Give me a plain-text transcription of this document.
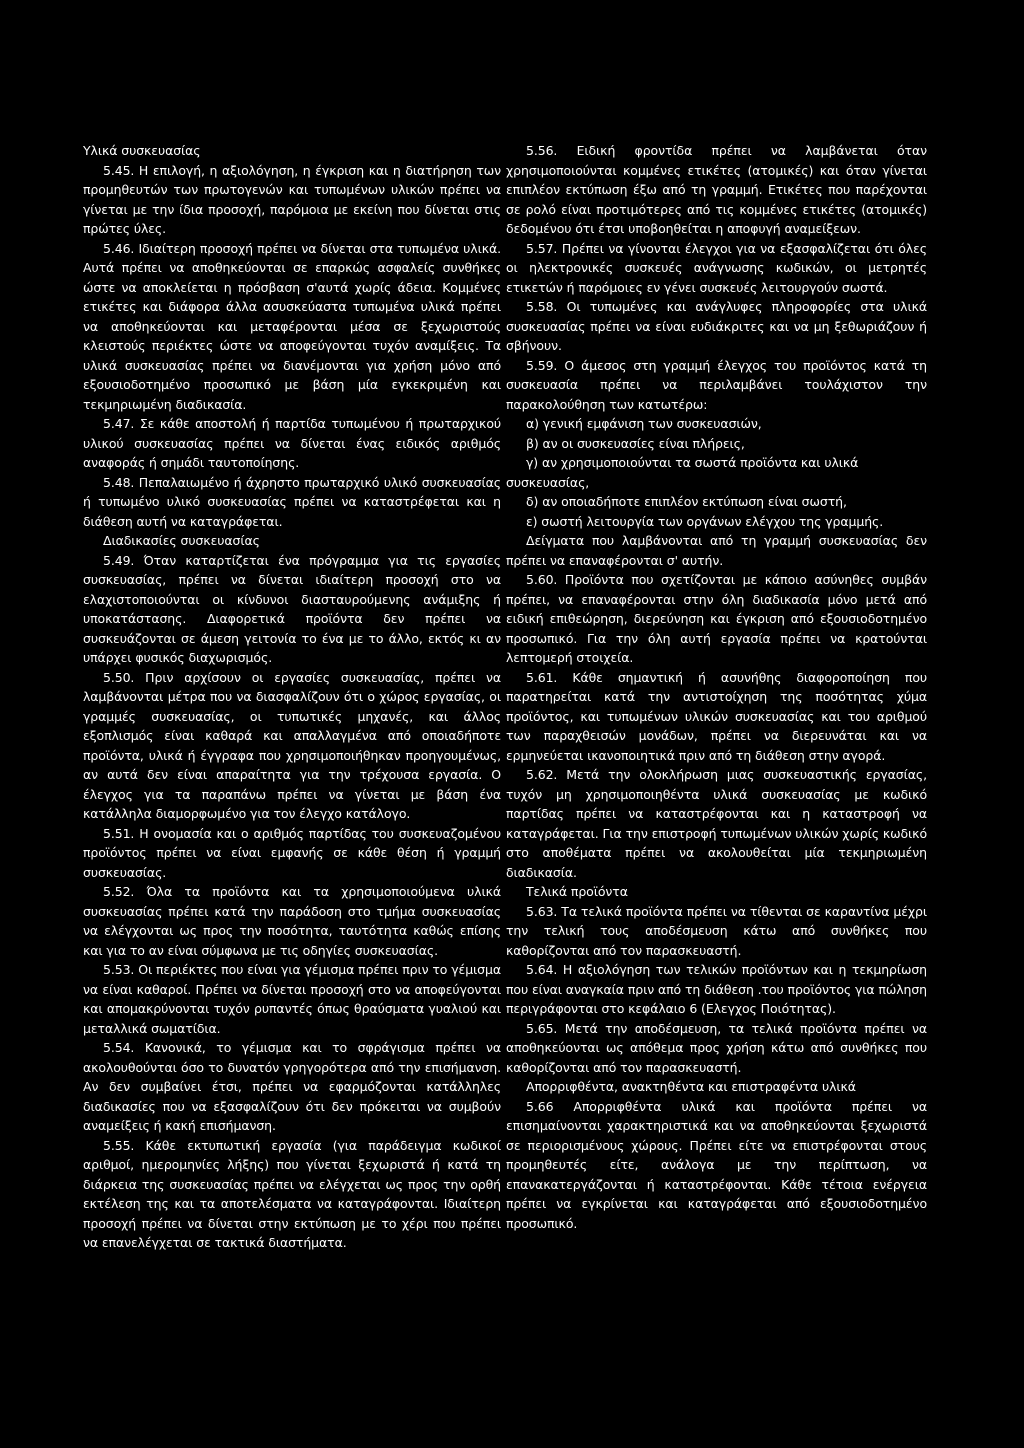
Υλικά συσκευασίας

5.45. Η επιλογή, η αξιολόγηση, η έγκριση και η διατήρηση των προμηθευτών των πρωτογενών και τυπωμένων υλικών πρέπει να γίνεται με την ίδια προσοχή, παρόμοια με εκείνη που δίνεται στις πρώτες ύλες.

5.46. Ιδιαίτερη προσοχή πρέπει να δίνεται στα τυπωμένα υλικά. Αυτά πρέπει να αποθηκεύονται σε επαρκώς ασφαλείς συνθήκες ώστε να αποκλείεται η πρόσβαση σ'αυτά χωρίς άδεια. Κομμένες ετικέτες και διάφορα άλλα ασυσκεύαστα τυπωμένα υλικά πρέπει να αποθηκεύονται και μεταφέρονται μέσα σε ξεχωριστούς κλειστούς περιέκτες ώστε να αποφεύγονται τυχόν αναμίξεις. Τα υλικά συσκευασίας πρέπει να διανέμονται για χρήση μόνο από εξουσιοδοτημένο προσωπικό με βάση μία εγκεκριμένη και τεκμηριωμένη διαδικασία.

5.47. Σε κάθε αποστολή ή παρτίδα τυπωμένου ή πρωταρχικού υλικού συσκευασίας πρέπει να δίνεται ένας ειδικός αριθμός αναφοράς ή σημάδι ταυτοποίησης.

5.48. Πεπαλαιωμένο ή άχρηστο πρωταρχικό υλικό συσκευασίας ή τυπωμένο υλικό συσκευασίας πρέπει να καταστρέφεται και η διάθεση αυτή να καταγράφεται.

Διαδικασίες συσκευασίας

5.49. Όταν καταρτίζεται ένα πρόγραμμα για τις εργασίες συσκευασίας, πρέπει να δίνεται ιδιαίτερη προσοχή στο να ελαχιστοποιούνται οι κίνδυνοι διασταυρούμενης ανάμιξης ή υποκατάστασης. Διαφορετικά προϊόντα δεν πρέπει να συσκευάζονται σε άμεση γειτονία το ένα με το άλλο, εκτός κι αν υπάρχει φυσικός διαχωρισμός.

5.50. Πριν αρχίσουν οι εργασίες συσκευασίας, πρέπει να λαμβάνονται μέτρα που να διασφαλίζουν ότι ο χώρος εργασίας, οι γραμμές συσκευασίας, οι τυπωτικές μηχανές, και άλλος εξοπλισμός είναι καθαρά και απαλλαγμένα από οποιαδήποτε προϊόντα, υλικά ή έγγραφα που χρησιμοποιήθηκαν προηγουμένως, αν αυτά δεν είναι απαραίτητα για την τρέχουσα εργασία. Ο έλεγχος για τα παραπάνω πρέπει να γίνεται με βάση ένα κατάλληλα διαμορφωμένο για τον έλεγχο κατάλογο.

5.51. Η ονομασία και ο αριθμός παρτίδας του συσκευαζομένου προϊόντος πρέπει να είναι εμφανής σε κάθε θέση ή γραμμή συσκευασίας.

5.52. Όλα τα προϊόντα και τα χρησιμοποιούμενα υλικά συσκευασίας πρέπει κατά την παράδοση στο τμήμα συσκευασίας να ελέγχονται ως προς την ποσότητα, ταυτότητα καθώς επίσης και για το αν είναι σύμφωνα με τις οδηγίες συσκευασίας.

5.53. Οι περιέκτες που είναι για γέμισμα πρέπει πριν το γέμισμα να είναι καθαροί. Πρέπει να δίνεται προσοχή στο να αποφεύγονται και απομακρύνονται τυχόν ρυπαντές όπως θραύσματα γυαλιού και μεταλλικά σωματίδια.

5.54. Κανονικά, το γέμισμα και το σφράγισμα πρέπει να ακολουθούνται όσο το δυνατόν γρηγορότερα από την επισήμανση. Αν δεν συμβαίνει έτσι, πρέπει να εφαρμόζονται κατάλληλες διαδικασίες που να εξασφαλίζουν ότι δεν πρόκειται να συμβούν αναμείξεις ή κακή επισήμανση.

5.55. Κάθε εκτυπωτική εργασία (για παράδειγμα κωδικοί αριθμοί, ημερομηνίες λήξης) που γίνεται ξεχωριστά ή κατά τη διάρκεια της συσκευασίας πρέπει να ελέγχεται ως προς την ορθή εκτέλεση της και τα αποτελέσματα να καταγράφονται. Ιδιαίτερη προσοχή πρέπει να δίνεται στην εκτύπωση με το χέρι που πρέπει να επανελέγχεται σε τακτικά διαστήματα.

5.56. Ειδική φροντίδα πρέπει να λαμβάνεται όταν χρησιμοποιούνται κομμένες ετικέτες (ατομικές) και όταν γίνεται επιπλέον εκτύπωση έξω από τη γραμμή. Ετικέτες που παρέχονται σε ρολό είναι προτιμότερες από τις κομμένες ετικέτες (ατομικές) δεδομένου ότι έτσι υποβοηθείται η αποφυγή αναμείξεων.

5.57. Πρέπει να γίνονται έλεγχοι για να εξασφαλίζεται ότι όλες οι ηλεκτρονικές συσκευές ανάγνωσης κωδικών, οι μετρητές ετικετών ή παρόμοιες εν γένει συσκευές λειτουργούν σωστά.

5.58. Οι τυπωμένες και ανάγλυφες πληροφορίες στα υλικά συσκευασίας πρέπει να είναι ευδιάκριτες και να μη ξεθωριάζουν ή σβήνουν.

5.59. Ο άμεσος στη γραμμή έλεγχος του προϊόντος κατά τη συσκευασία πρέπει να περιλαμβάνει τουλάχιστον την παρακολούθηση των κατωτέρω:

α) γενική εμφάνιση των συσκευασιών,

β) αν οι συσκευασίες είναι πλήρεις,

γ) αν χρησιμοποιούνται τα σωστά προϊόντα και υλικά συσκευασίας,

δ) αν οποιαδήποτε επιπλέον εκτύπωση είναι σωστή,

ε) σωστή λειτουργία των οργάνων ελέγχου της γραμμής.

Δείγματα που λαμβάνονται από τη γραμμή συσκευασίας δεν πρέπει να επαναφέρονται σ' αυτήν.

5.60. Προϊόντα που σχετίζονται με κάποιο ασύνηθες συμβάν πρέπει, να επαναφέρονται στην όλη διαδικασία μόνο μετά από ειδική επιθεώρηση, διερεύνηση και έγκριση από εξουσιοδοτημένο προσωπικό. Για την όλη αυτή εργασία πρέπει να κρατούνται λεπτομερή στοιχεία.

5.61. Κάθε σημαντική ή ασυνήθης διαφοροποίηση που παρατηρείται κατά την αντιστοίχηση της ποσότητας χύμα προϊόντος, και τυπωμένων υλικών συσκευασίας και του αριθμού των παραχθεισών μονάδων, πρέπει να διερευνάται και να ερμηνεύεται ικανοποιητικά πριν από τη διάθεση στην αγορά.

5.62. Μετά την ολοκλήρωση μιας συσκευαστικής εργασίας, τυχόν μη χρησιμοποιηθέντα υλικά συσκευασίας με κωδικό παρτίδας πρέπει να καταστρέφονται και η καταστροφή να καταγράφεται. Για την επιστροφή τυπωμένων υλικών χωρίς κωδικό στο αποθέματα πρέπει να ακολουθείται μία τεκμηριωμένη διαδικασία.

Τελικά προϊόντα

5.63. Τα τελικά προϊόντα πρέπει να τίθενται σε καραντίνα μέχρι την τελική τους αποδέσμευση κάτω από συνθήκες που καθορίζονται από τον παρασκευαστή.

5.64. Η αξιολόγηση των τελικών προϊόντων και η τεκμηρίωση που είναι αναγκαία πριν από τη διάθεση .του προϊόντος για πώληση περιγράφονται στο κεφάλαιο 6 (Ελεγχος Ποιότητας).

5.65. Μετά την αποδέσμευση, τα τελικά προϊόντα πρέπει να αποθηκεύονται ως απόθεμα προς χρήση κάτω από συνθήκες που καθορίζονται από τον παρασκευαστή.

Απορριφθέντα, ανακτηθέντα και επιστραφέντα υλικά

5.66 Απορριφθέντα υλικά και προϊόντα πρέπει να επισημαίνονται χαρακτηριστικά και να αποθηκεύονται ξεχωριστά σε περιορισμένους χώρους. Πρέπει είτε να επιστρέφονται στους προμηθευτές είτε, ανάλογα με την περίπτωση, να επανακατεργάζονται ή καταστρέφονται. Κάθε τέτοια ενέργεια πρέπει να εγκρίνεται και καταγράφεται από εξουσιοδοτημένο προσωπικό.
